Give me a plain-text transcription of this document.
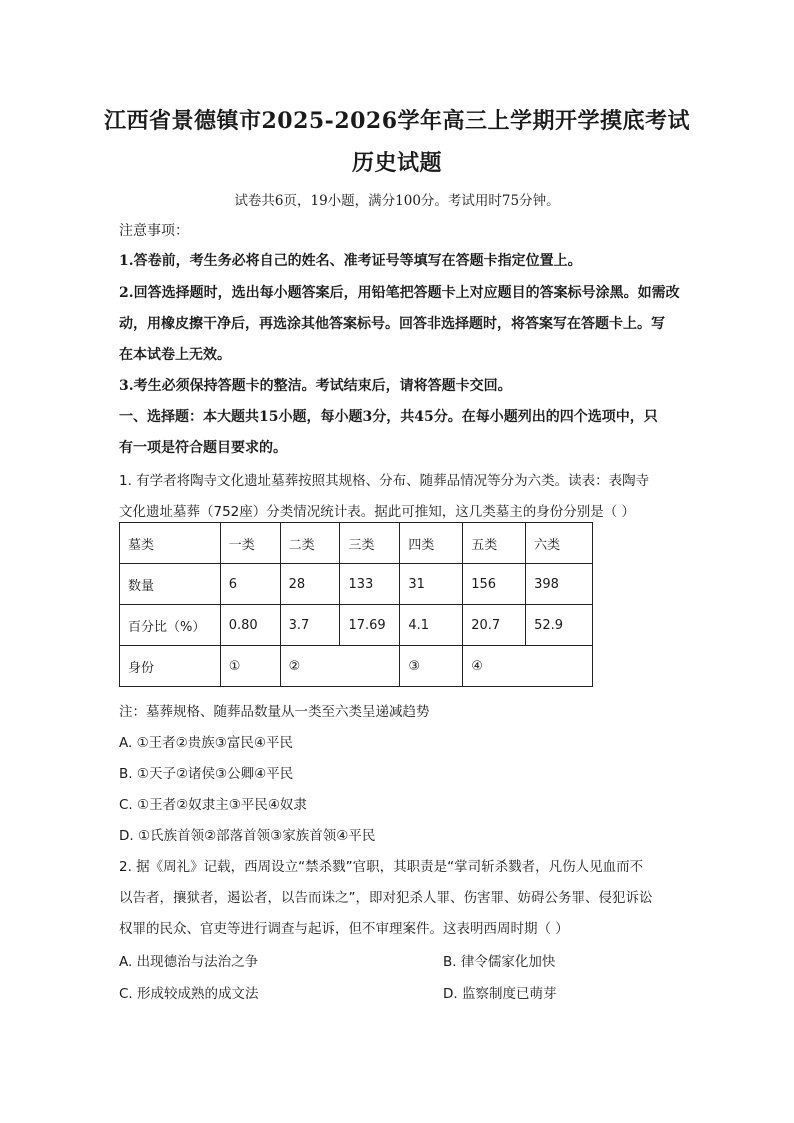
江西省景德镇市2025-2026学年高三上学期开学摸底考试
历史试题
试卷共6页，19小题，满分100分。考试用时75分钟。
注意事项：
1.答卷前，考生务必将自己的姓名、准考证号等填写在答题卡指定位置上。
2.回答选择题时，选出每小题答案后，用铅笔把答题卡上对应题目的答案标号涂黑。如需改
动，用橡皮擦干净后，再选涂其他答案标号。回答非选择题时，将答案写在答题卡上。写
在本试卷上无效。
3.考生必须保持答题卡的整洁。考试结束后，请将答题卡交回。
一、选择题：本大题共15小题，每小题3分，共45分。在每小题列出的四个选项中，只
有一项是符合题目要求的。
1. 有学者将陶寺文化遗址墓葬按照其规格、分布、随葬品情况等分为六类。读表：表陶寺
文化遗址墓葬（752座）分类情况统计表。据此可推知，这几类墓主的身份分别是（ ）
墓类	一类	二类	三类	四类	五类	六类
数量	6	28	133	31	156	398
百分比（%）	0.80	3.7	17.69	4.1	20.7	52.9
身份	①	②		③	④	
注：墓葬规格、随葬品数量从一类至六类呈递减趋势
A. ①王者②贵族③富民④平民
B. ①天子②诸侯③公卿④平民
C. ①王者②奴隶主③平民④奴隶
D. ①氏族首领②部落首领③家族首领④平民
2. 据《周礼》记载，西周设立“禁杀戮”官职，其职责是“掌司斩杀戮者，凡伤人见血而不
以告者，攘狱者，遏讼者，以告而诛之”，即对犯杀人罪、伤害罪、妨碍公务罪、侵犯诉讼
权罪的民众、官吏等进行调查与起诉，但不审理案件。这表明西周时期（ ）
A. 出现德治与法治之争	B. 律令儒家化加快
C. 形成较成熟的成文法	D. 监察制度已萌芽
